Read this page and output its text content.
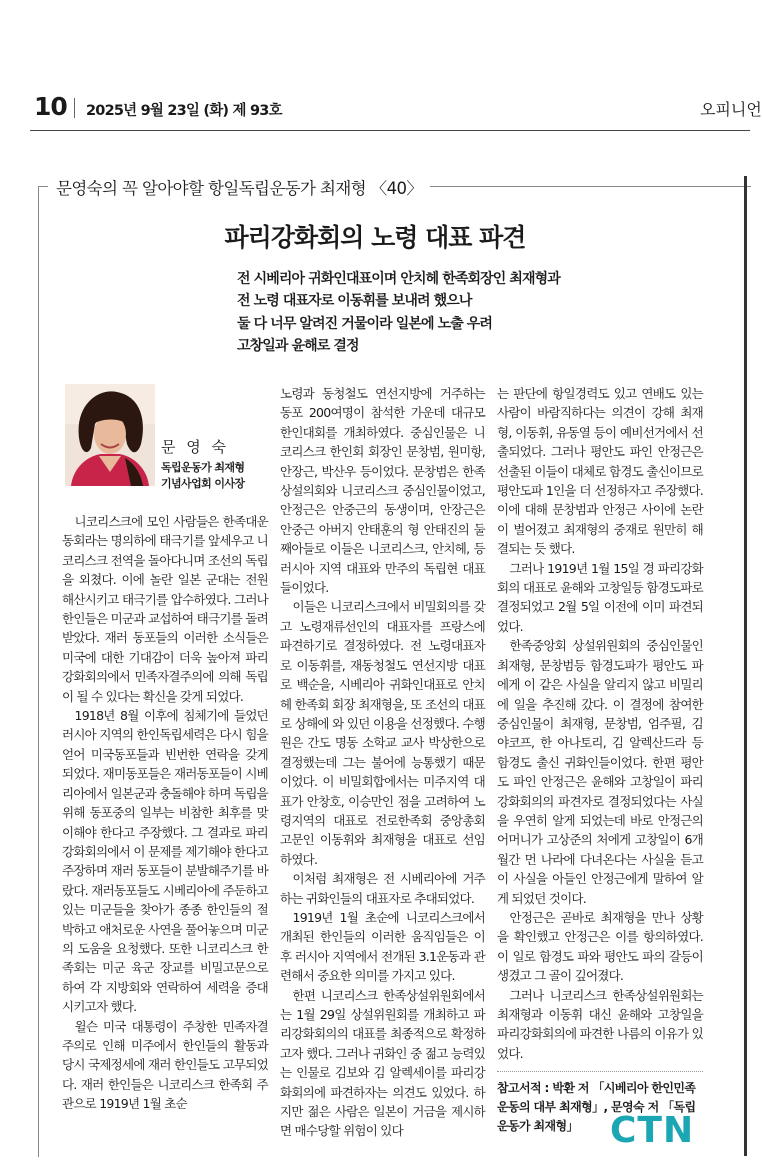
10 2025년 9월 23일 (화) 제 93호	오피니언
문영숙의 꼭 알아야할 항일독립운동가 최재형 〈40〉
파리강화회의 노령 대표 파견
전 시베리아 귀화인대표이며 안치헤 한족회장인 최재형과
전 노령 대표자로 이동휘를 보내려 했으나
둘 다 너무 알려진 거물이라 일본에 노출 우려
고창일과 윤해로 결정
문 영 숙
독립운동가 최재형
기념사업회 이사장

니코리스크에 모인 사람들은 한족대운동회라는 명의하에 태극기를 앞세우고 니코리스크 전역을 돌아다니며 조선의 독립을 외쳤다. 이에 놀란 일본 군대는 전원 해산시키고 태극기를 압수하였다. 그러나 한인들은 미군과 교섭하여 태극기를 돌려받았다. 재러 동포들의 이러한 소식들은 미국에 대한 기대감이 더욱 높아져 파리강화회의에서 민족자결주의에 의해 독립이 될 수 있다는 확신을 갖게 되었다.

1918년 8월 이후에 침체기에 들었던 러시아 지역의 한인독립세력은 다시 힘을 얻어 미국동포들과 빈번한 연락을 갖게 되었다. 재미동포들은 재러동포들이 시베리아에서 일본군과 충돌해야 하며 독립을 위해 동포중의 일부는 비참한 최후를 맞이해야 한다고 주장했다. 그 결과로 파리강화회의에서 이 문제를 제기해야 한다고 주장하며 재러 동포들이 분발해주기를 바랐다. 재러동포들도 시베리아에 주둔하고 있는 미군들을 찾아가 종종 한인들의 절박하고 애처로운 사연을 풀어놓으며 미군의 도움을 요청했다. 또한 니코리스크 한족회는 미군 육군 장교를 비밀고문으로 하여 각 지방회와 연락하여 세력을 증대시키고자 했다.

윌슨 미국 대통령이 주창한 민족자결주의로 인해 미주에서 한인들의 활동과 당시 국제정세에 재러 한인들도 고무되었다. 재러 한인들은 니코리스크 한족회 주관으로 1919년 1월 초순

노령과 동청철도 연선지방에 거주하는 동포 200여명이 참석한 가운데 대규모 한인대회를 개최하였다. 중심인물은 니코리스크 한인회 회장인 문창범, 원미항, 안장근, 박산우 등이었다. 문창범은 한족상설의회와 니코리스크 중심인물이었고, 안정근은 안중근의 동생이며, 안장근은 안중근 아버지 안태훈의 형 안태진의 둘째아들로 이들은 니코리스크, 안치헤, 등 러시아 지역 대표와 만주의 독립현 대표들이었다.

이들은 니코리스크에서 비밀회의를 갖고 노령재류선인의 대표자를 프랑스에 파견하기로 결정하였다. 전 노령대표자로 이동휘를, 재동청철도 연선지방 대표로 백순을, 시베리아 귀화인대표로 안치헤 한족회 회장 최재형을, 또 조선의 대표로 상해에 와 있던 이용을 선정했다. 수행원은 간도 명동 소학교 교사 박상한으로 결정했는데 그는 불어에 능통했기 때문이었다. 이 비밀회합에서는 미주지역 대표가 안창호, 이승만인 점을 고려하여 노령지역의 대표로 전로한족회 중앙총회 고문인 이동휘와 최재형을 대표로 선임하였다.

이처럼 최재형은 전 시베리아에 거주하는 귀화인들의 대표자로 추대되었다.

1919년 1월 초순에 니코리스크에서 개최된 한인들의 이러한 움직임들은 이후 러시아 지역에서 전개된 3.1운동과 관련해서 중요한 의미를 가지고 있다.

한편 니코리스크 한족상설위원회에서는 1월 29일 상설위원회를 개최하고 파리강화회의의 대표를 최종적으로 확정하고자 했다. 그러나 귀화인 중 젊고 능력있는 인물로 김보와 김 알렉세이를 파리강화회의에 파견하자는 의견도 있었다. 하지만 젊은 사람은 일본이 거금을 제시하면 매수당할 위험이 있다

는 판단에 항일경력도 있고 연배도 있는 사람이 바람직하다는 의견이 강해 최재형, 이동휘, 유동열 등이 예비선거에서 선출되었다. 그러나 평안도 파인 안정근은 선출된 이들이 대체로 함경도 출신이므로 평안도파 1인을 더 선정하자고 주장했다. 이에 대해 문창범과 안정근 사이에 논란이 벌어졌고 최재형의 중재로 원만히 해결되는 듯 했다.

그러나 1919년 1월 15일 경 파리강화회의 대표로 윤해와 고창일등 함경도파로 결정되었고 2월 5일 이전에 이미 파견되었다.

한족중앙회 상설위원회의 중심인물인 최재형, 문창범등 함경도파가 평안도 파에게 이 같은 사실을 알리지 않고 비밀리에 일을 추진해 갔다. 이 결정에 참여한 중심인물이 최재형, 문창범, 엄주필, 김 야코프, 한 아나토리, 김 알렉산드라 등 함경도 출신 귀화인들이었다. 한편 평안도 파인 안정근은 윤해와 고창일이 파리강화회의의 파견자로 결정되었다는 사실을 우연히 알게 되었는데 바로 안정근의 어머니가 고상준의 처에게 고창일이 6개월간 먼 나라에 다녀온다는 사실을 듣고 이 사실을 아들인 안정근에게 말하여 알게 되었던 것이다.

안정근은 곧바로 최재형을 만나 상황을 확인했고 안정근은 이를 항의하였다. 이 일로 함경도 파와 평안도 파의 갈등이 생겼고 그 골이 깊어졌다.

그러나 니코리스크 한족상설위원회는 최재형과 이동휘 대신 윤해와 고창일을 파리강화회의에 파견한 나름의 이유가 있었다.

참고서적 : 박환 저 「시베리아 한인민족운동의 대부 최재형」, 문영숙 저 「독립운동가 최재형」 CTN
